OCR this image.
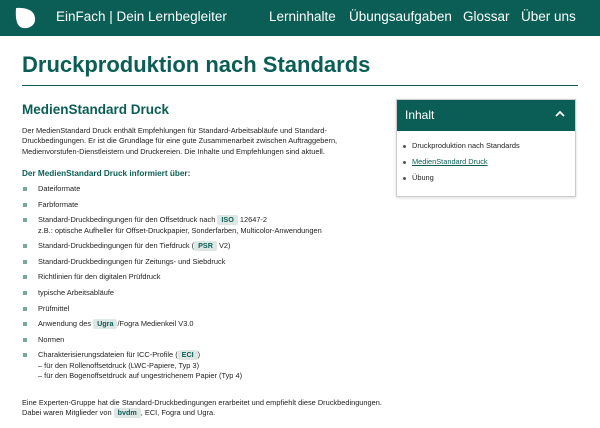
EinFach | Dein Lernbegleiter	Lerninhalte Übungsaufgaben Glossar Über uns
Druckproduktion nach Standards
MedienStandard Druck

Der MedienStandard Druck enthält Empfehlungen für Standard-Arbeitsabläufe und Standard-Druckbedingungen. Er ist die Grundlage für eine gute Zusammenarbeit zwischen Auftraggebern, Medienvorstufen-Dienstleistern und Druckereien. Die Inhalte und Empfehlungen sind aktuell.

Der MedienStandard Druck informiert über:
Dateiformate
Farbformate
Standard-Druckbedingungen für den Offsetdruck nach ISO 12647-2
z.B.: optische Aufheller für Offset-Druckpapier, Sonderfarben, Multicolor-Anwendungen
Standard-Druckbedingungen für den Tiefdruck ( PSR V2)
Standard-Druckbedingungen für Zeitungs- und Siebdruck
Richtlinien für den digitalen Prüfdruck
typische Arbeitsabläufe
Prüfmittel
Anwendung des Ugra /Fogra Medienkeil V3.0
Normen
Charakterisierungsdateien für ICC-Profile ( ECI )
– für den Rollenoffsetdruck (LWC-Papiere, Typ 3)
– für den Bogenoffsetdruck auf ungestrichenem Papier (Typ 4)

Eine Experten-Gruppe hat die Standard-Druckbedingungen erarbeitet und empfiehlt diese Druckbedingungen. Dabei waren Mitglieder von bvdm , ECI, Fogra und Ugra.

Inhalt
Druckproduktion nach Standards
MedienStandard Druck
Übung
